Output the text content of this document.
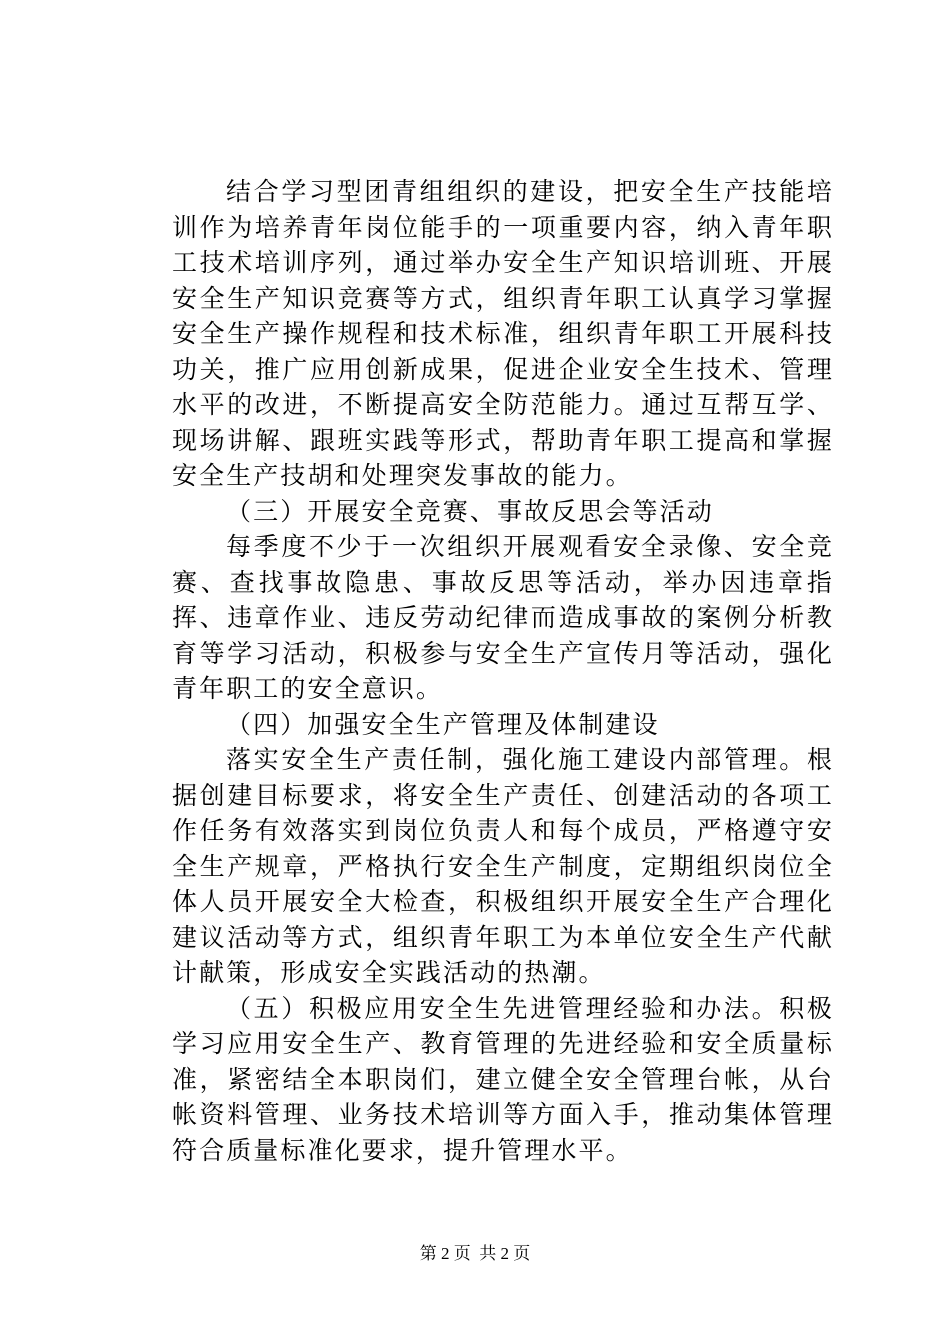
结合学习型团青组组织的建设，把安全生产技能培训作为培养青年岗位能手的一项重要内容，纳入青年职工技术培训序列，通过举办安全生产知识培训班、开展安全生产知识竞赛等方式，组织青年职工认真学习掌握安全生产操作规程和技术标准，组织青年职工开展科技功关，推广应用创新成果，促进企业安全生技术、管理水平的改进，不断提高安全防范能力。通过互帮互学、现场讲解、跟班实践等形式，帮助青年职工提高和掌握安全生产技胡和处理突发事故的能力。

（三）开展安全竞赛、事故反思会等活动

每季度不少于一次组织开展观看安全录像、安全竞赛、查找事故隐患、事故反思等活动，举办因违章指挥、违章作业、违反劳动纪律而造成事故的案例分析教育等学习活动，积极参与安全生产宣传月等活动，强化青年职工的安全意识。

（四）加强安全生产管理及体制建设

落实安全生产责任制，强化施工建设内部管理。根据创建目标要求，将安全生产责任、创建活动的各项工作任务有效落实到岗位负责人和每个成员，严格遵守安全生产规章，严格执行安全生产制度，定期组织岗位全体人员开展安全大检查，积极组织开展安全生产合理化建议活动等方式，组织青年职工为本单位安全生产代献计献策，形成安全实践活动的热潮。

（五）积极应用安全生先进管理经验和办法。积极学习应用安全生产、教育管理的先进经验和安全质量标准，紧密结全本职岗们，建立健全安全管理台帐，从台帐资料管理、业务技术培训等方面入手，推动集体管理符合质量标准化要求，提升管理水平。

第 2 页  共 2 页
